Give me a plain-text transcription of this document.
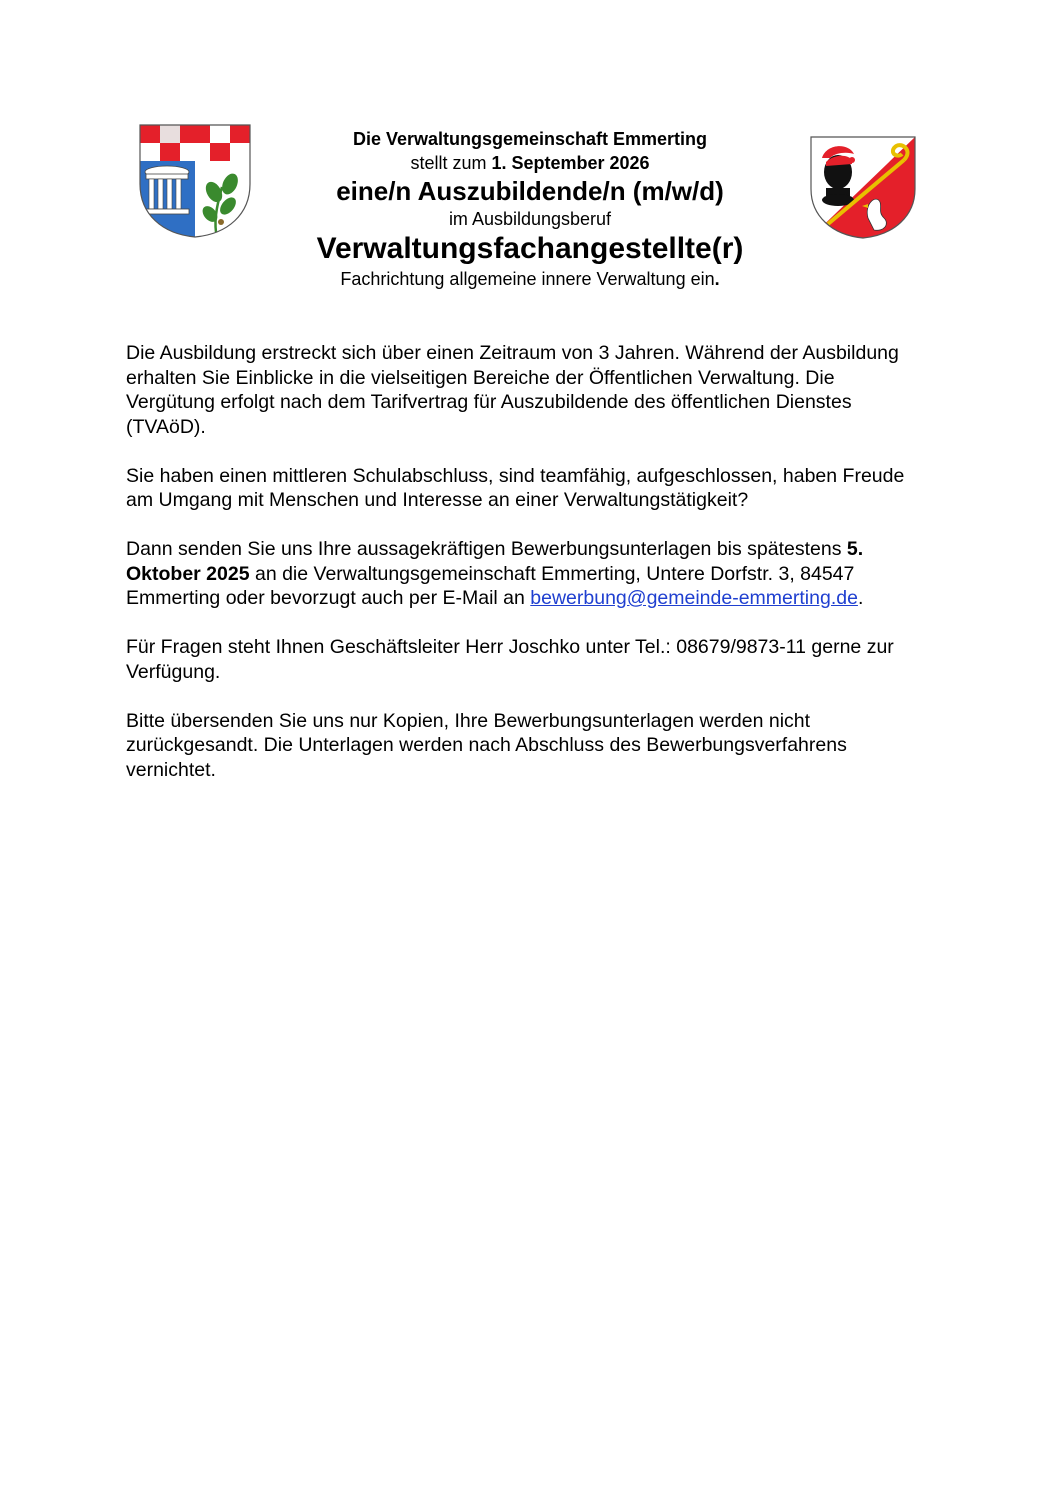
Die Verwaltungsgemeinschaft Emmerting
stellt zum 1. September 2026
eine/n Auszubildende/n (m/w/d)
im Ausbildungsberuf
Verwaltungsfachangestellte(r)
Fachrichtung allgemeine innere Verwaltung ein.

Die Ausbildung erstreckt sich über einen Zeitraum von 3 Jahren. Während der Ausbildung erhalten Sie Einblicke in die vielseitigen Bereiche der Öffentlichen Verwaltung. Die Vergütung erfolgt nach dem Tarifvertrag für Auszubildende des öffentlichen Dienstes (TVAöD).

Sie haben einen mittleren Schulabschluss, sind teamfähig, aufgeschlossen, haben Freude am Umgang mit Menschen und Interesse an einer Verwaltungstätigkeit?

Dann senden Sie uns Ihre aussagekräftigen Bewerbungsunterlagen bis spätestens 5. Oktober 2025 an die Verwaltungsgemeinschaft Emmerting, Untere Dorfstr. 3, 84547 Emmerting oder bevorzugt auch per E-Mail an bewerbung@gemeinde-emmerting.de.

Für Fragen steht Ihnen Geschäftsleiter Herr Joschko unter Tel.: 08679/9873-11 gerne zur Verfügung.

Bitte übersenden Sie uns nur Kopien, Ihre Bewerbungsunterlagen werden nicht zurückgesandt. Die Unterlagen werden nach Abschluss des Bewerbungsverfahrens vernichtet.
